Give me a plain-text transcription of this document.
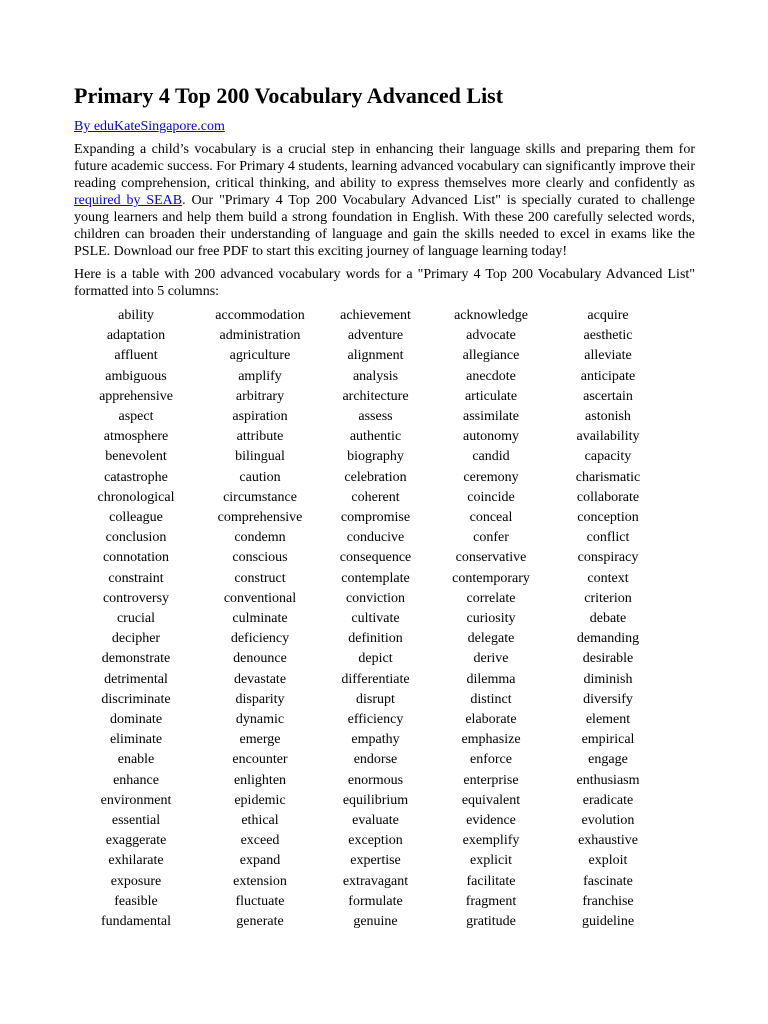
Primary 4 Top 200 Vocabulary Advanced List
By eduKateSingapore.com

Expanding a child’s vocabulary is a crucial step in enhancing their language skills and preparing them for future academic success. For Primary 4 students, learning advanced vocabulary can significantly improve their reading comprehension, critical thinking, and ability to express themselves more clearly and confidently as required by SEAB. Our "Primary 4 Top 200 Vocabulary Advanced List" is specially curated to challenge young learners and help them build a strong foundation in English. With these 200 carefully selected words, children can broaden their understanding of language and gain the skills needed to excel in exams like the PSLE. Download our free PDF to start this exciting journey of language learning today!

Here is a table with 200 advanced vocabulary words for a "Primary 4 Top 200 Vocabulary Advanced List" formatted into 5 columns:

ability	accommodation	achievement	acknowledge	acquire
adaptation	administration	adventure	advocate	aesthetic
affluent	agriculture	alignment	allegiance	alleviate
ambiguous	amplify	analysis	anecdote	anticipate
apprehensive	arbitrary	architecture	articulate	ascertain
aspect	aspiration	assess	assimilate	astonish
atmosphere	attribute	authentic	autonomy	availability
benevolent	bilingual	biography	candid	capacity
catastrophe	caution	celebration	ceremony	charismatic
chronological	circumstance	coherent	coincide	collaborate
colleague	comprehensive	compromise	conceal	conception
conclusion	condemn	conducive	confer	conflict
connotation	conscious	consequence	conservative	conspiracy
constraint	construct	contemplate	contemporary	context
controversy	conventional	conviction	correlate	criterion
crucial	culminate	cultivate	curiosity	debate
decipher	deficiency	definition	delegate	demanding
demonstrate	denounce	depict	derive	desirable
detrimental	devastate	differentiate	dilemma	diminish
discriminate	disparity	disrupt	distinct	diversify
dominate	dynamic	efficiency	elaborate	element
eliminate	emerge	empathy	emphasize	empirical
enable	encounter	endorse	enforce	engage
enhance	enlighten	enormous	enterprise	enthusiasm
environment	epidemic	equilibrium	equivalent	eradicate
essential	ethical	evaluate	evidence	evolution
exaggerate	exceed	exception	exemplify	exhaustive
exhilarate	expand	expertise	explicit	exploit
exposure	extension	extravagant	facilitate	fascinate
feasible	fluctuate	formulate	fragment	franchise
fundamental	generate	genuine	gratitude	guideline
